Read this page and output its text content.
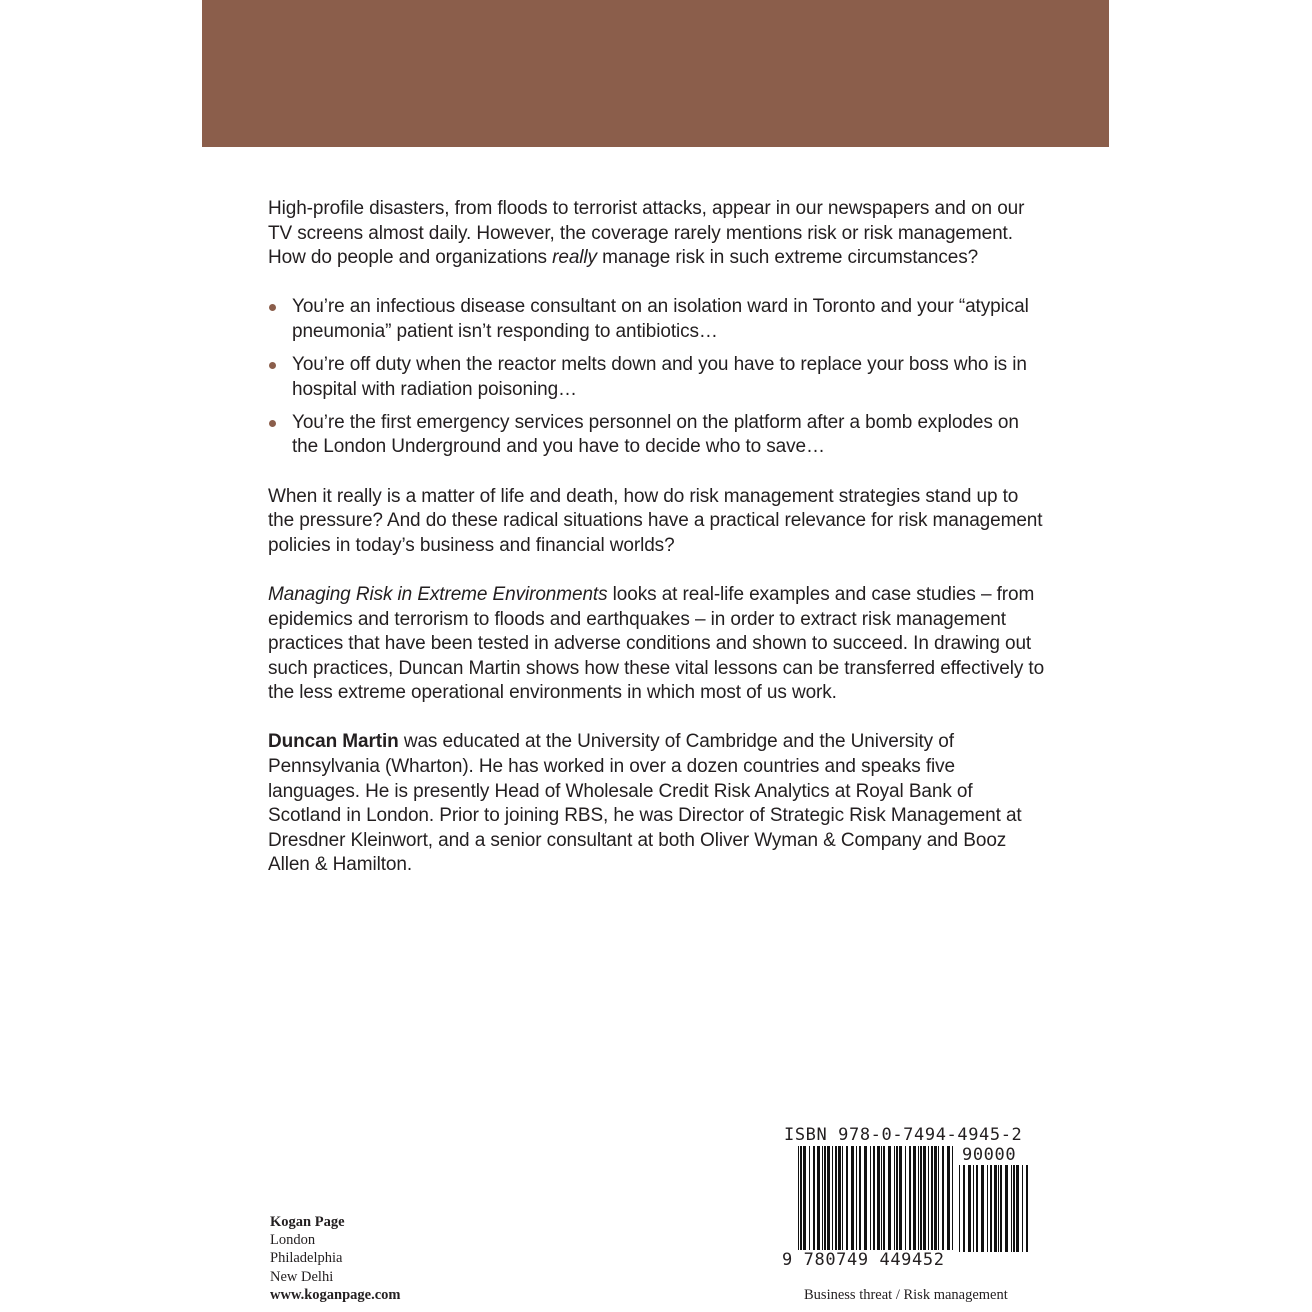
High-profile disasters, from floods to terrorist attacks, appear in our newspapers and on our TV screens almost daily. However, the coverage rarely mentions risk or risk management. How do people and organizations really manage risk in such extreme circumstances?

You’re an infectious disease consultant on an isolation ward in Toronto and your “atypical pneumonia” patient isn’t responding to antibiotics…
You’re off duty when the reactor melts down and you have to replace your boss who is in hospital with radiation poisoning…
You’re the first emergency services personnel on the platform after a bomb explodes on the London Underground and you have to decide who to save…

When it really is a matter of life and death, how do risk management strategies stand up to the pressure? And do these radical situations have a practical relevance for risk management policies in today’s business and financial worlds?

Managing Risk in Extreme Environments looks at real-life examples and case studies – from epidemics and terrorism to floods and earthquakes – in order to extract risk management practices that have been tested in adverse conditions and shown to succeed. In drawing out such practices, Duncan Martin shows how these vital lessons can be transferred effectively to the less extreme operational environments in which most of us work.

Duncan Martin was educated at the University of Cambridge and the University of Pennsylvania (Wharton). He has worked in over a dozen countries and speaks five languages. He is presently Head of Wholesale Credit Risk Analytics at Royal Bank of Scotland in London. Prior to joining RBS, he was Director of Strategic Risk Management at Dresdner Kleinwort, and a senior consultant at both Oliver Wyman & Company and Booz Allen & Hamilton.

Kogan Page
London
Philadelphia
New Delhi
www.koganpage.com
ISBN 978-0-7494-4945-2
90000
9 780749 449452
Business threat / Risk management
